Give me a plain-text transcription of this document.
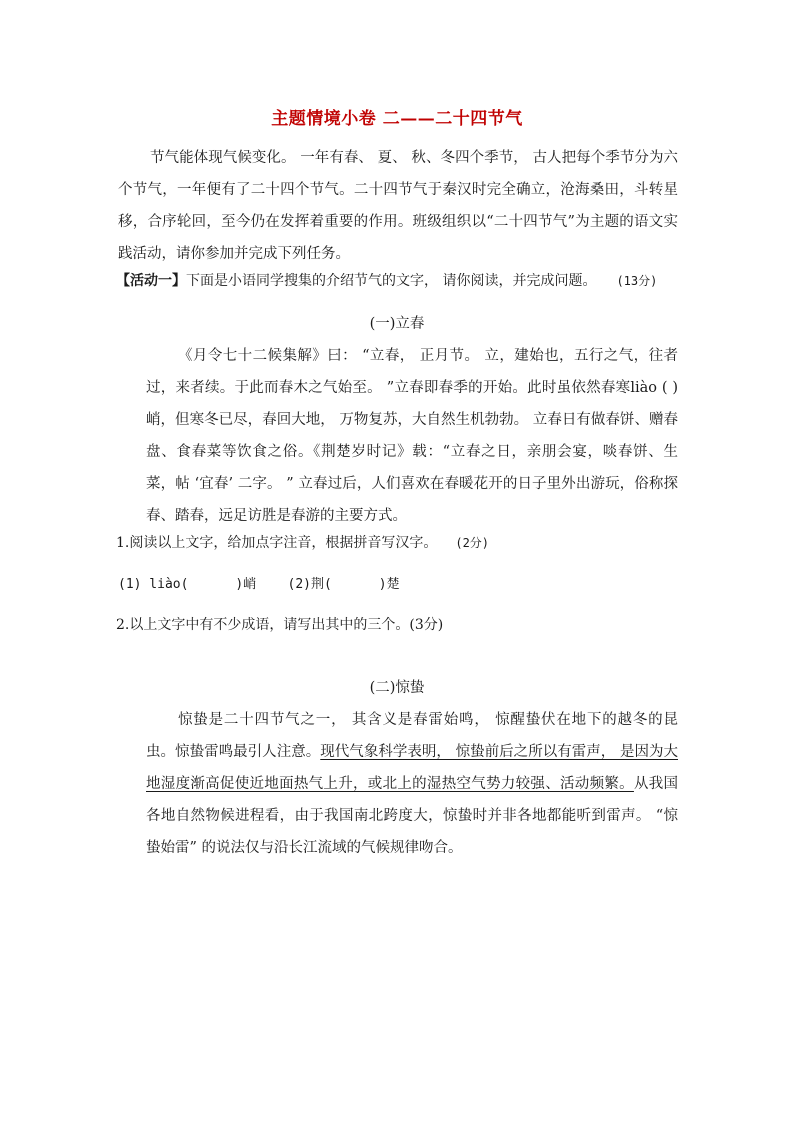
主题情境小卷 二——二十四节气

节气能体现气候变化。 一年有春、 夏、 秋、冬四个季节， 古人把每个季节分为六个节气，一年便有了二十四个节气。二十四节气于秦汉时完全确立，沧海桑田，斗转星移，合序轮回，至今仍在发挥着重要的作用。班级组织以“二十四节气”为主题的语文实践活动，请你参加并完成下列任务。

【活动一】下面是小语同学搜集的介绍节气的文字， 请你阅读，并完成问题。 (13分)

(一)立春

《月令七十二候集解》曰： “立春， 正月节。 立，建始也，五行之气，往者过，来者续。于此而春木之气始至。 ”立春即春季的开始。此时虽依然春寒liào ( )峭，但寒冬已尽，春回大地， 万物复苏，大自然生机勃勃。 立春日有做春饼、赠春盘、食春菜等饮食之俗。《荆楚岁时记》载：“立春之日，亲朋会宴，啖春饼、生菜，帖 ‘宜春’ 二字。 ” 立春过后，人们喜欢在春暖花开的日子里外出游玩，俗称探春、踏春，远足访胜是春游的主要方式。

1.阅读以上文字，给加点字注音，根据拼音写汉字。 (2分)

(1) liào(      )峭    (2)荆(      )楚

2.以上文字中有不少成语，请写出其中的三个。(3分)

(二)惊蛰

惊蛰是二十四节气之一， 其含义是春雷始鸣， 惊醒蛰伏在地下的越冬的昆虫。惊蛰雷鸣最引人注意。现代气象科学表明， 惊蛰前后之所以有雷声， 是因为大地湿度渐高促使近地面热气上升，或北上的湿热空气势力较强、活动频繁。从我国各地自然物候进程看，由于我国南北跨度大，惊蛰时并非各地都能听到雷声。 “惊蛰始雷” 的说法仅与沿长江流域的气候规律吻合。
